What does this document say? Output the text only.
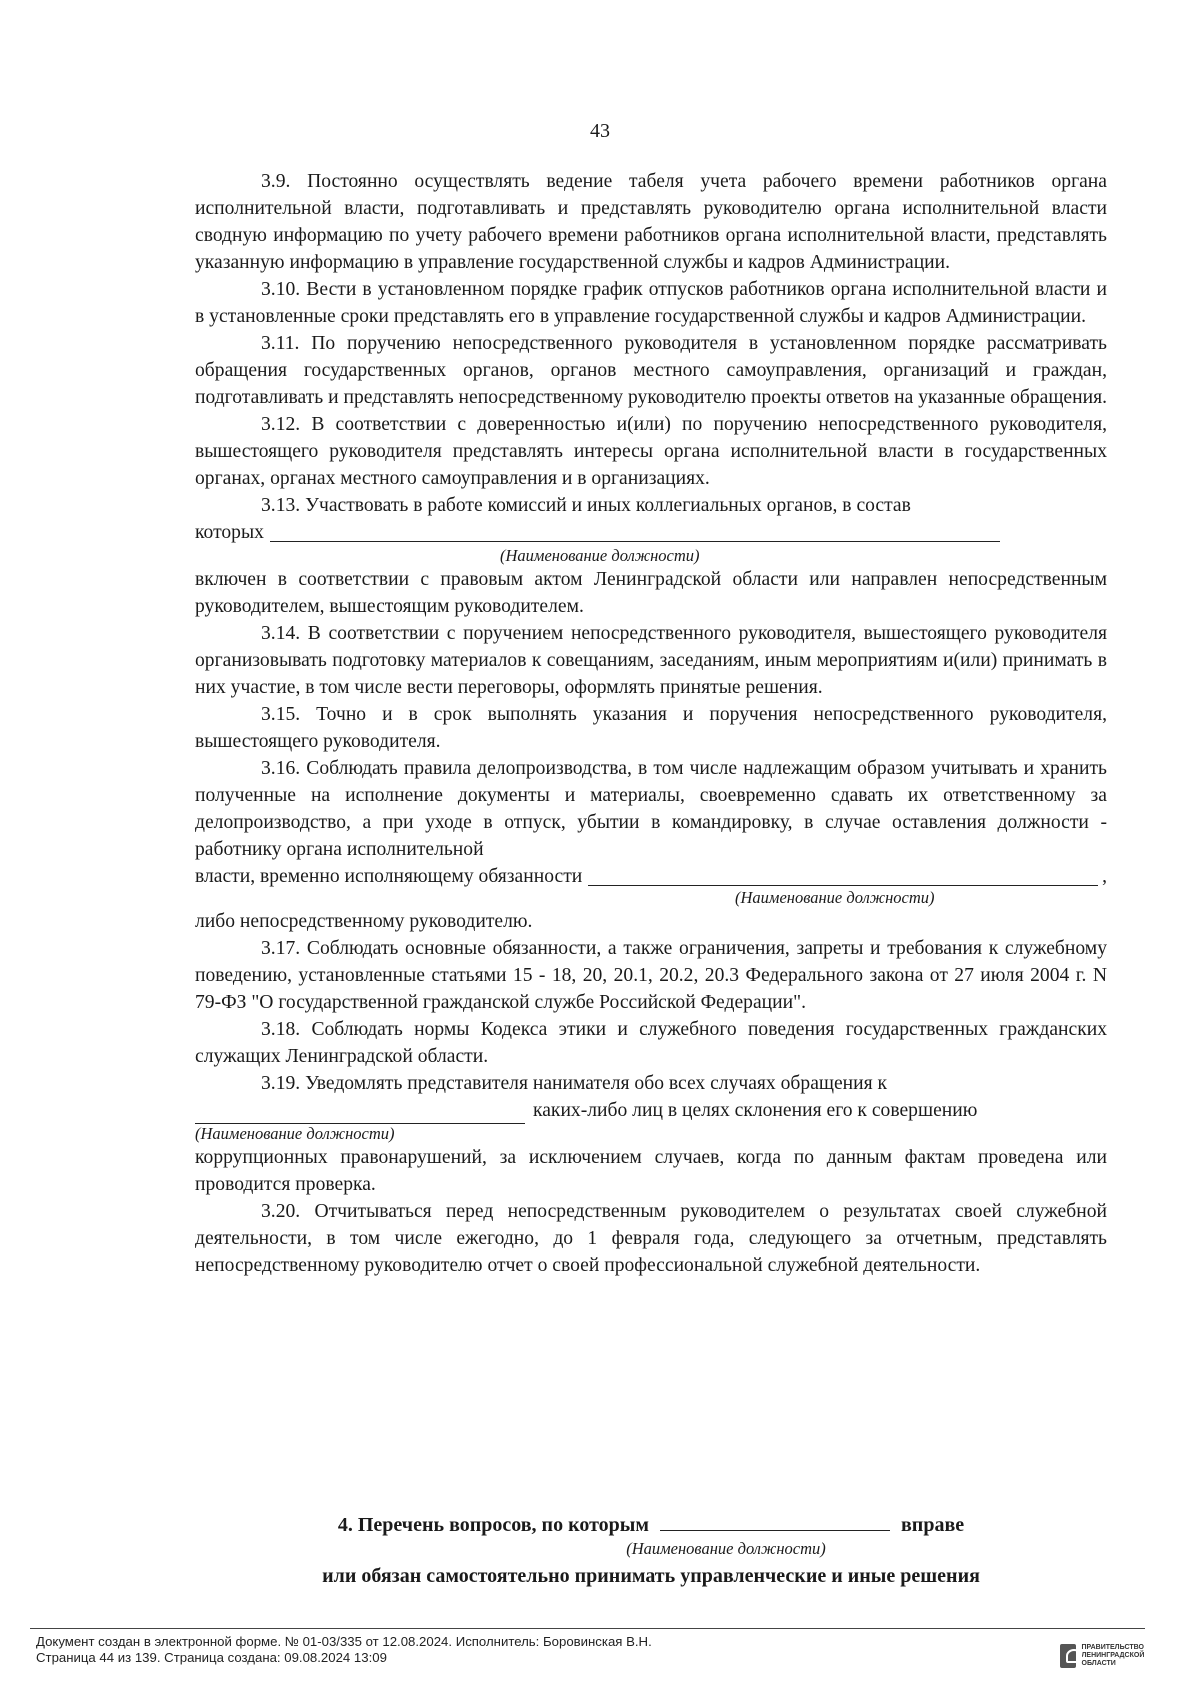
43

3.9. Постоянно осуществлять ведение табеля учета рабочего времени работников органа исполнительной власти, подготавливать и представлять руководителю органа исполнительной власти сводную информацию по учету рабочего времени работников органа исполнительной власти, представлять указанную информацию в управление государственной службы и кадров Администрации.

3.10. Вести в установленном порядке график отпусков работников органа исполнительной власти и в установленные сроки представлять его в управление государственной службы и кадров Администрации.

3.11. По поручению непосредственного руководителя в установленном порядке рассматривать обращения государственных органов, органов местного самоуправления, организаций и граждан, подготавливать и представлять непосредственному руководителю проекты ответов на указанные обращения.

3.12. В соответствии с доверенностью и(или) по поручению непосредственного руководителя, вышестоящего руководителя представлять интересы органа исполнительной власти в государственных органах, органах местного самоуправления и в организациях.

3.13. Участвовать в работе комиссий и иных коллегиальных органов, в состав

которых
(Наименование должности)

включен в соответствии с правовым актом Ленинградской области или направлен непосредственным руководителем, вышестоящим руководителем.

3.14. В соответствии с поручением непосредственного руководителя, вышестоящего руководителя организовывать подготовку материалов к совещаниям, заседаниям, иным мероприятиям и(или) принимать в них участие, в том числе вести переговоры, оформлять принятые решения.

3.15. Точно и в срок выполнять указания и поручения непосредственного руководителя, вышестоящего руководителя.

3.16. Соблюдать правила делопроизводства, в том числе надлежащим образом учитывать и хранить полученные на исполнение документы и материалы, своевременно сдавать их ответственному за делопроизводство, а при уходе в отпуск, убытии в командировку, в случае оставления должности - работнику органа исполнительной

власти, временно исполняющему обязанности	,
(Наименование должности)

либо непосредственному руководителю.

3.17. Соблюдать основные обязанности, а также ограничения, запреты и требования к служебному поведению, установленные статьями 15 - 18, 20, 20.1, 20.2, 20.3 Федерального закона от 27 июля 2004 г. N 79-ФЗ "О государственной гражданской службе Российской Федерации".

3.18. Соблюдать нормы Кодекса этики и служебного поведения государственных гражданских служащих Ленинградской области.

3.19. Уведомлять представителя нанимателя обо всех случаях обращения к

каких-либо лиц в целях склонения его к совершению
(Наименование должности)

коррупционных правонарушений, за исключением случаев, когда по данным фактам проведена или проводится проверка.

3.20. Отчитываться перед непосредственным руководителем о результатах своей служебной деятельности, в том числе ежегодно, до 1 февраля года, следующего за отчетным, представлять непосредственному руководителю отчет о своей профессиональной служебной деятельности.

4. Перечень вопросов, по которым	вправе
(Наименование должности)
или обязан самостоятельно принимать управленческие и иные решения
Документ создан в электронной форме. № 01-03/335 от 12.08.2024. Исполнитель: Боровинская В.Н.
Страница 44 из 139. Страница создана: 09.08.2024 13:09
ПРАВИТЕЛЬСТВО ЛЕНИНГРАДСКОЙ ОБЛАСТИ
